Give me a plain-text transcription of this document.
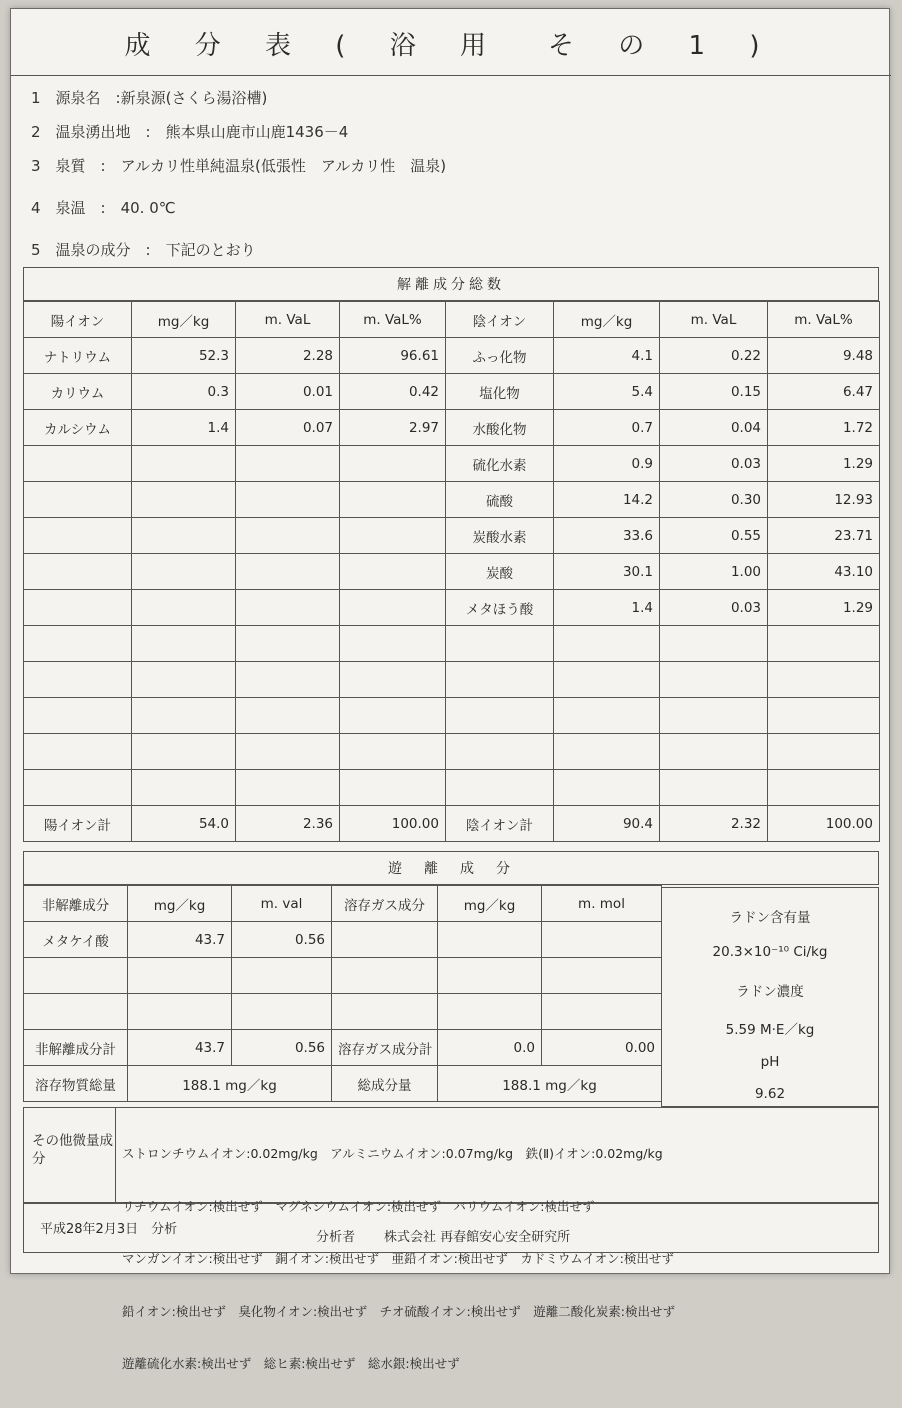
成 分 表 ( 浴 用　そ の 1 )
1　源泉名　:新泉源(さくら湯浴槽)
2　温泉湧出地　:　熊本県山鹿市山鹿1436－4
3　泉質　:　アルカリ性単純温泉(低張性　アルカリ性　温泉)
4　泉温　:　40. 0℃
5　温泉の成分　:　下記のとおり
解離成分総数
陽イオン	mg／kg	m. VaL	m. VaL%	陰イオン	mg／kg	m. VaL	m. VaL%
ナトリウム	52.3	2.28	96.61	ふっ化物	4.1	0.22	9.48
カリウム	0.3	0.01	0.42	塩化物	5.4	0.15	6.47
カルシウム	1.4	0.07	2.97	水酸化物	0.7	0.04	1.72
				硫化水素	0.9	0.03	1.29
				硫酸	14.2	0.30	12.93
				炭酸水素	33.6	0.55	23.71
				炭酸	30.1	1.00	43.10
				メタほう酸	1.4	0.03	1.29

陽イオン計	54.0	2.36	100.00	陰イオン計	90.4	2.32	100.00
遊　離　成　分
非解離成分	mg／kg	m. val	溶存ガス成分	mg／kg	m. mol
メタケイ酸	43.7	0.56			

非解離成分計	43.7	0.56	溶存ガス成分計	0.0	0.00
溶存物質総量	188.1 mg／kg		総成分量	188.1 mg／kg	
ラドン含有量
20.3×10⁻¹⁰ Ci/kg
ラドン濃度
5.59 M·E／kg
pH
9.62
その他微量成分

	ストロンチウムイオン:0.02mg/kg　アルミニウムイオン:0.07mg/kg　鉄(Ⅱ)イオン:0.02mg/kg

リチウムイオン:検出せず　マグネシウムイオン:検出せず　バリウムイオン:検出せず

マンガンイオン:検出せず　銅イオン:検出せず　亜鉛イオン:検出せず　カドミウムイオン:検出せず

鉛イオン:検出せず　臭化物イオン:検出せず　チオ硫酸イオン:検出せず　遊離二酸化炭素:検出せず

遊離硫化水素:検出せず　総ヒ素:検出せず　総水銀:検出せず

平成28年2月3日　分析
分析者 株式会社 再春館安心安全研究所
